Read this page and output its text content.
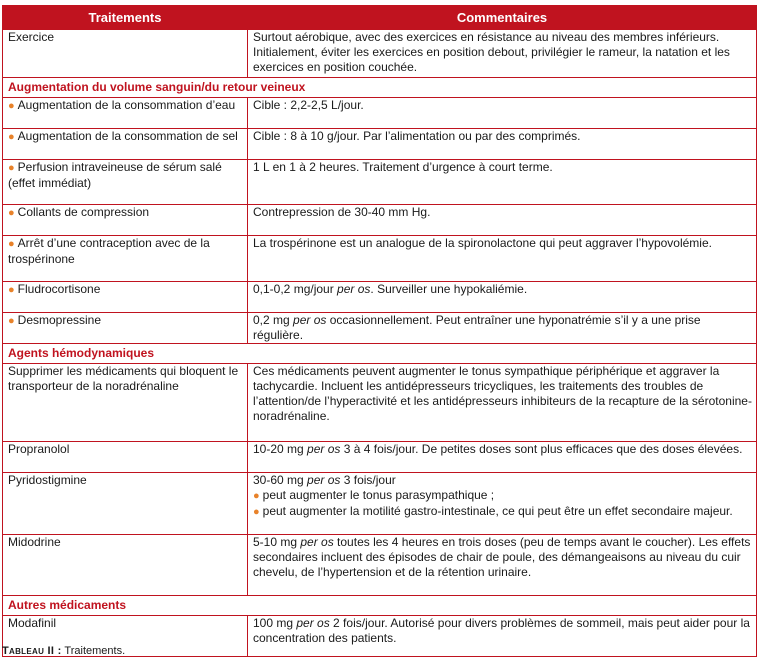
Traitements	Commentaires
Exercice	Surtout aérobique, avec des exercices en résistance au niveau des membres inférieurs. Initialement, éviter les exercices en position debout, privilégier le rameur, la natation et les exercices en position couchée.
Augmentation du volume sanguin/du retour veineux	
● Augmentation de la consommation d’eau	Cible : 2,2-2,5 L/jour.
● Augmentation de la consommation de sel	Cible : 8 à 10 g/jour. Par l’alimentation ou par des comprimés.
● Perfusion intraveineuse de sérum salé (effet immédiat)	1 L en 1 à 2 heures. Traitement d’urgence à court terme.
● Collants de compression	Contrepression de 30-40 mm Hg.
● Arrêt d’une contraception avec de la trospérinone	La trospérinone est un analogue de la spironolactone qui peut aggraver l’hypovolémie.
● Fludrocortisone	0,1-0,2 mg/jour per os. Surveiller une hypokaliémie.
● Desmopressine	0,2 mg per os occasionnellement. Peut entraîner une hyponatrémie s’il y a une prise régulière.
Agents hémodynamiques	
Supprimer les médicaments qui bloquent le transporteur de la noradrénaline	Ces médicaments peuvent augmenter le tonus sympathique périphérique et aggraver la tachycardie. Incluent les antidépresseurs tricycliques, les traitements des troubles de l’attention/de l’hyperactivité et les antidépresseurs inhibiteurs de la recapture de la sérotonine-noradrénaline.
Propranolol	10-20 mg per os 3 à 4 fois/jour. De petites doses sont plus efficaces que des doses élevées.
Pyridostigmine	30-60 mg per os 3 fois/jour
● peut augmenter le tonus parasympathique ;
● peut augmenter la motilité gastro-intestinale, ce qui peut être un effet secondaire majeur.

Midodrine	5-10 mg per os toutes les 4 heures en trois doses (peu de temps avant le coucher). Les effets secondaires incluent des épisodes de chair de poule, des démangeaisons au niveau du cuir chevelu, de l’hypertension et de la rétention urinaire.
Autres médicaments	
Modafinil	100 mg per os 2 fois/jour. Autorisé pour divers problèmes de sommeil, mais peut aider pour la concentration des patients.
Tableau II : Traitements.
